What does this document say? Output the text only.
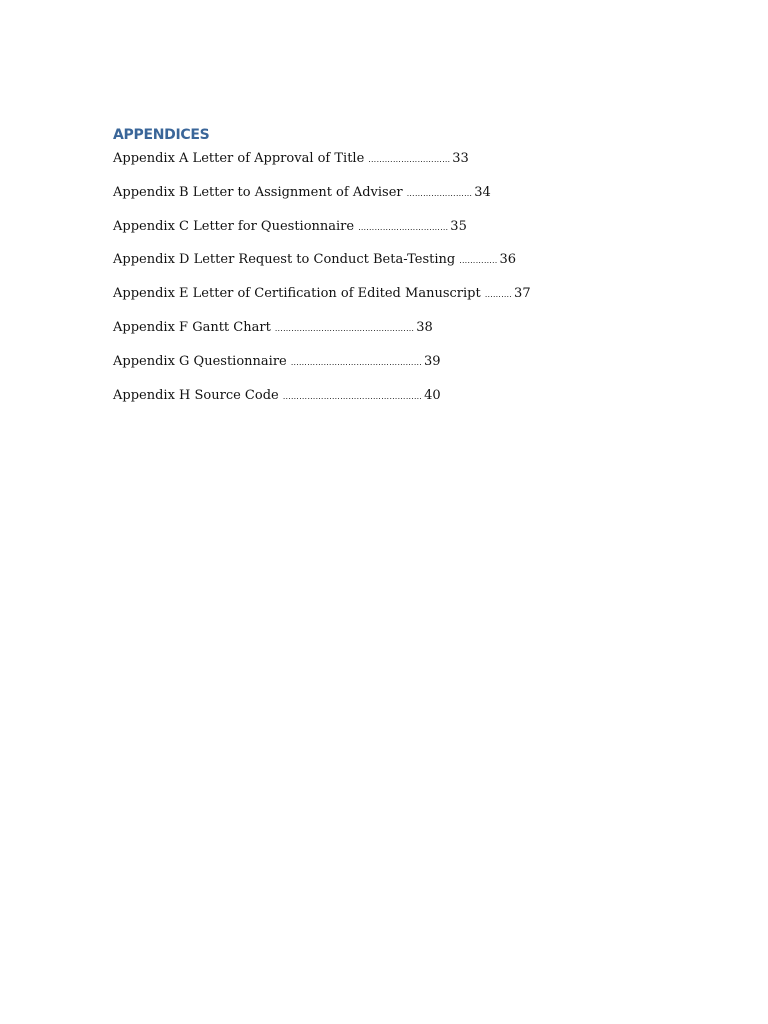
APPENDICES
Appendix A Letter of Approval of Title ………………………… 33
Appendix B Letter to Assignment of Adviser …………………… 34
Appendix C Letter for Questionnaire …………………………… 35
Appendix D Letter Request to Conduct Beta-Testing ………….. 36
Appendix E Letter of Certification of Edited Manuscript ………. 37
Appendix F Gantt Chart …………………………………………… 38
Appendix G Questionnaire ………………………………………… 39
Appendix H Source Code …………………………………………… 40
